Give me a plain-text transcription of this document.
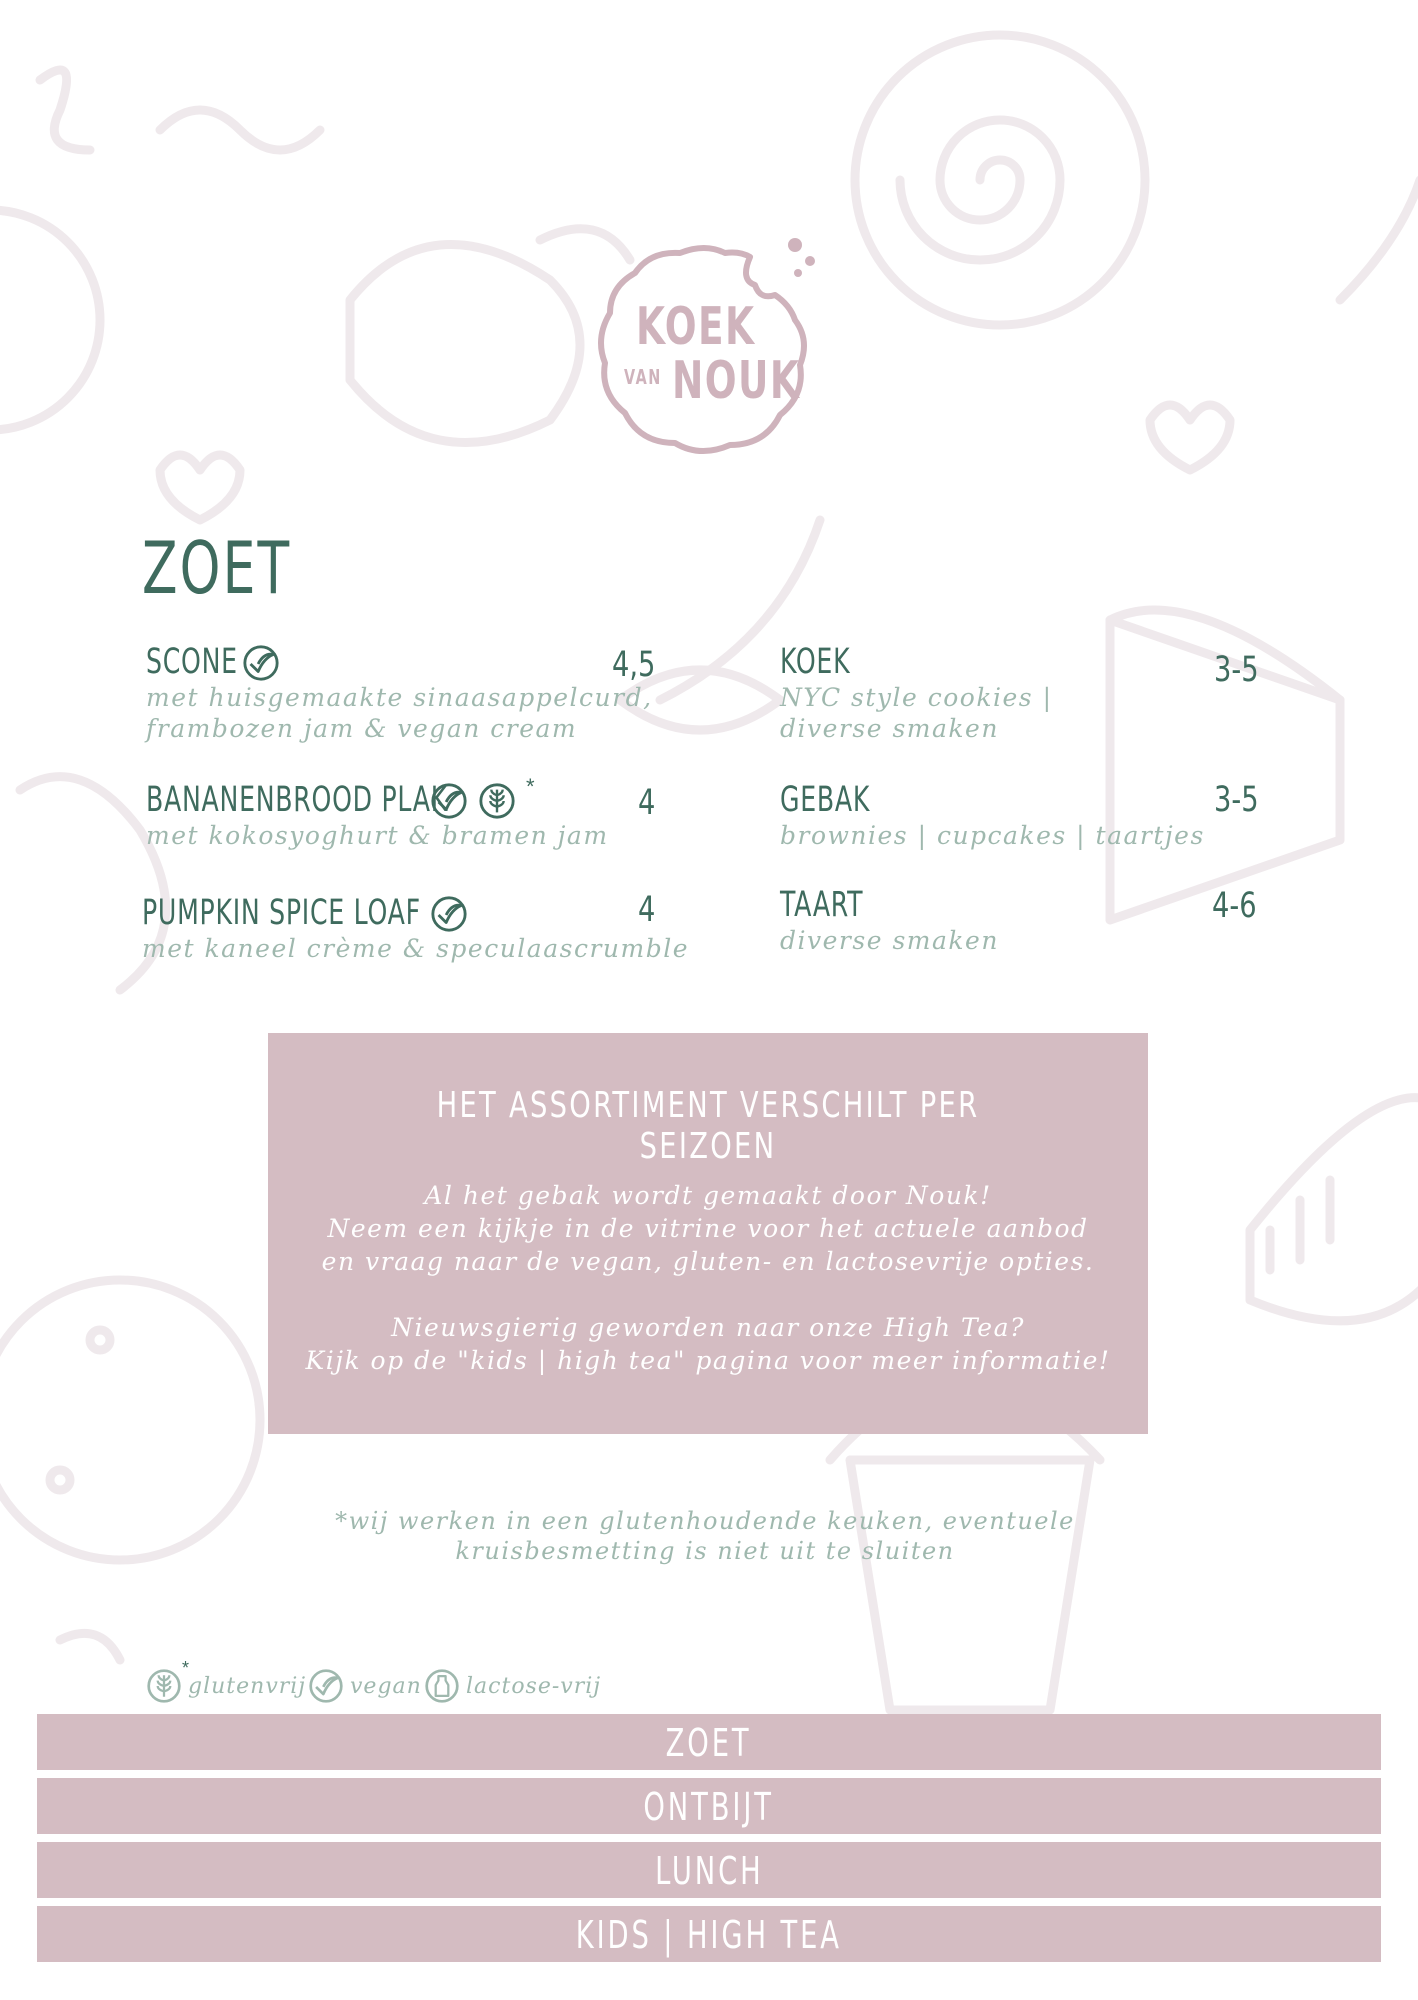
KOEK
VAN NOUK
ZOET
SCONE
met huisgemaakte sinaasappelcurd,
frambozen jam & vegan cream
4,5
BANANENBROOD PLAK	*
met kokosyoghurt & bramen jam
4
PUMPKIN SPICE LOAF
met kaneel crème & speculaascrumble
4
KOEK
NYC style cookies |
diverse smaken
3-5
GEBAK
brownies | cupcakes | taartjes
3-5
TAART
diverse smaken
4-6
HET ASSORTIMENT VERSCHILT PER SEIZOEN
Al het gebak wordt gemaakt door Nouk!
Neem een kijkje in de vitrine voor het actuele aanbod
en vraag naar de vegan, gluten- en lactosevrije opties.
Nieuwsgierig geworden naar onze High Tea?
Kijk op de "kids | high tea" pagina voor meer informatie!
*wij werken in een glutenhoudende keuken, eventuele
kruisbesmetting is niet uit te sluiten
*
glutenvrij vegan lactose-vrij
ZOET
ONTBIJT
LUNCH
KIDS | HIGH TEA
